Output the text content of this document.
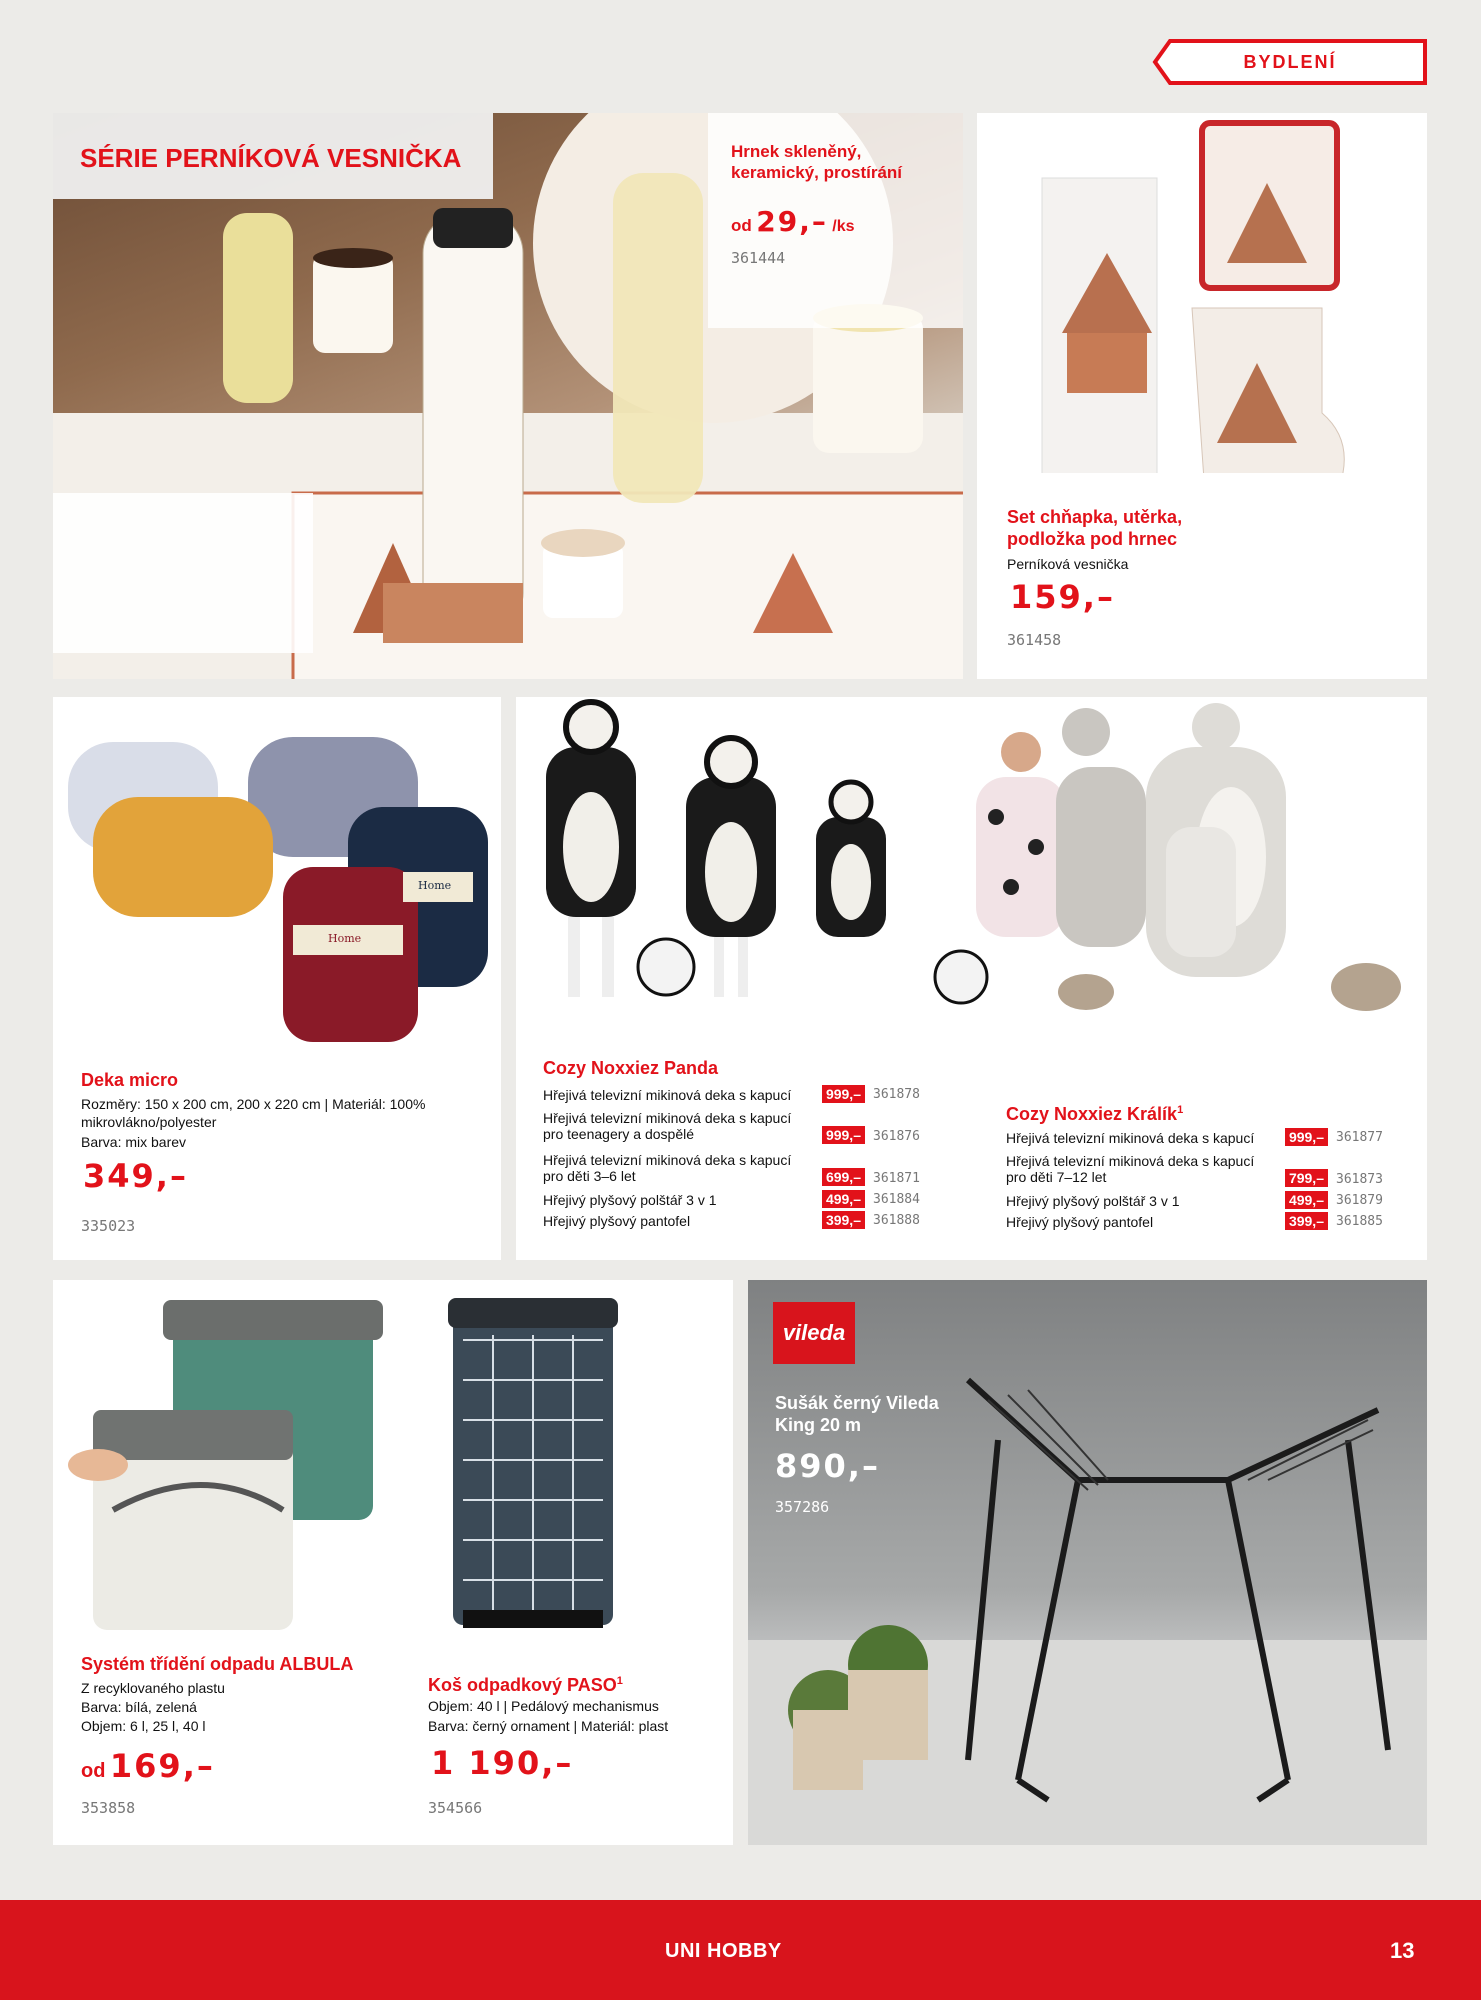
BYDLENÍ
SÉRIE PERNÍKOVÁ VESNIČKA	Hrnek skleněný, keramický, prostírání
od 29,– /ks
361444
Set chňapka, utěrka, podložka pod hrnec
Perníková vesnička
159,–
361458
Home
Home
Deka micro
Rozměry: 150 x 200 cm, 200 x 220 cm | Materiál: 100% mikrovlákno/polyester
Barva: mix barev
349,–
335023
Cozy Noxxiez Panda
Hřejivá televizní mikinová deka s kapucí	999,– 361878
Hřejivá televizní mikinová deka s kapucí pro teenagery a dospělé	999,– 361876
Hřejivá televizní mikinová deka s kapucí pro děti 3–6 let	699,– 361871
Hřejivý plyšový polštář 3 v 1	499,– 361884
Hřejivý plyšový pantofel	399,– 361888
Cozy Noxxiez Králík$^1$
Hřejivá televizní mikinová deka s kapucí	999,– 361877
Hřejivá televizní mikinová deka s kapucí pro děti 7–12 let	799,– 361873
Hřejivý plyšový polštář 3 v 1	499,– 361879
Hřejivý plyšový pantofel	399,– 361885
Systém třídění odpadu ALBULA
Z recyklovaného plastu
Barva: bílá, zelená
Objem: 6 l, 25 l, 40 l
od 169,–
353858
Koš odpadkový PASO$^1$
Objem: 40 l | Pedálový mechanismus
Barva: černý ornament | Materiál: plast
1 190,–
354566
vileda
Sušák černý Vileda King 20 m
890,–
357286
UNI HOBBY	13
